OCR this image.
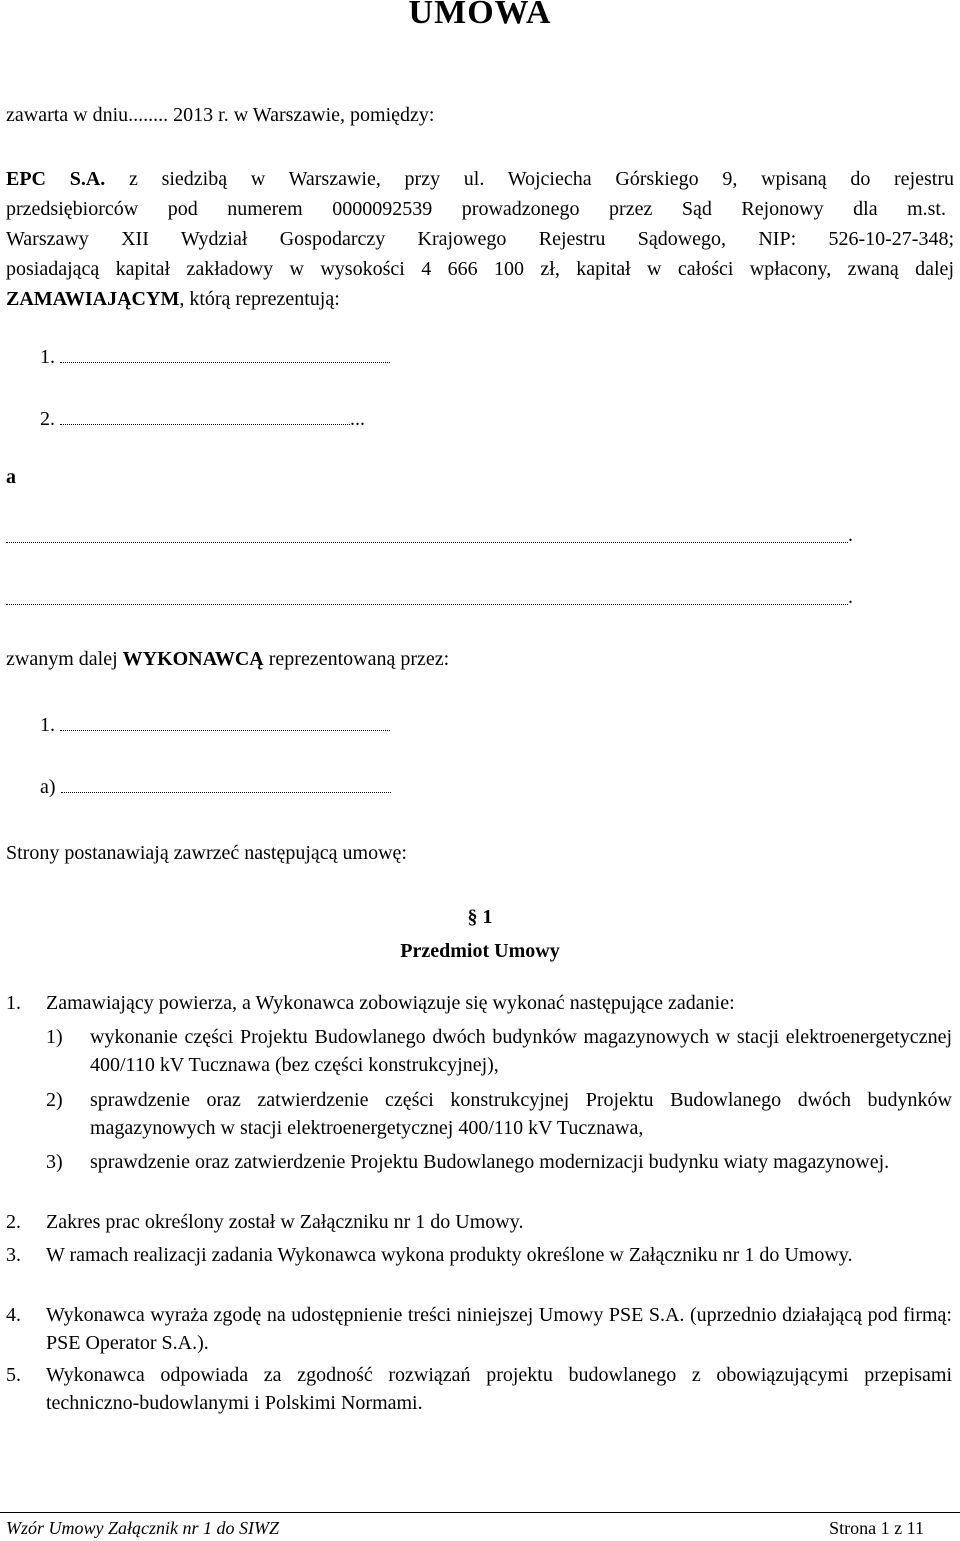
UMOWA
zawarta w dniu........ 2013 r. w Warszawie, pomiędzy:
EPC S.A. z siedzibą w Warszawie, przy ul. Wojciecha Górskiego 9, wpisaną do rejestru
przedsiębiorców pod numerem 0000092539 prowadzonego przez Sąd Rejonowy dla m.st.
Warszawy XII Wydział Gospodarczy Krajowego Rejestru Sądowego, NIP: 526-10-27-348;
posiadającą kapitał zakładowy w wysokości 4 666 100 zł, kapitał w całości wpłacony, zwaną dalej
ZAMAWIAJĄCYM, którą reprezentują:
1.
2.	...
a
.
.
zwanym dalej WYKONAWCĄ reprezentowaną przez:
1.
a)
Strony postanawiają zawrzeć następującą umowę:
§ 1
Przedmiot Umowy
1. Zamawiający powierza, a Wykonawca zobowiązuje się wykonać następujące zadanie:
1) wykonanie części Projektu Budowlanego dwóch budynków magazynowych w stacji elektroenergetycznej 400/110 kV Tucznawa (bez części konstrukcyjnej),
2) sprawdzenie oraz zatwierdzenie części konstrukcyjnej Projektu Budowlanego dwóch budynków magazynowych w stacji elektroenergetycznej 400/110 kV Tucznawa,
3) sprawdzenie oraz zatwierdzenie Projektu Budowlanego modernizacji budynku wiaty magazynowej.
2. Zakres prac określony został w Załączniku nr 1 do Umowy.
3. W ramach realizacji zadania Wykonawca wykona produkty określone w Załączniku nr 1 do Umowy.
4. Wykonawca wyraża zgodę na udostępnienie treści niniejszej Umowy PSE S.A. (uprzednio działającą pod firmą: PSE Operator S.A.).
5. Wykonawca odpowiada za zgodność rozwiązań projektu budowlanego z obowiązującymi przepisami techniczno-budowlanymi i Polskimi Normami.
Wzór Umowy Załącznik nr 1 do SIWZ	Strona 1 z 11
